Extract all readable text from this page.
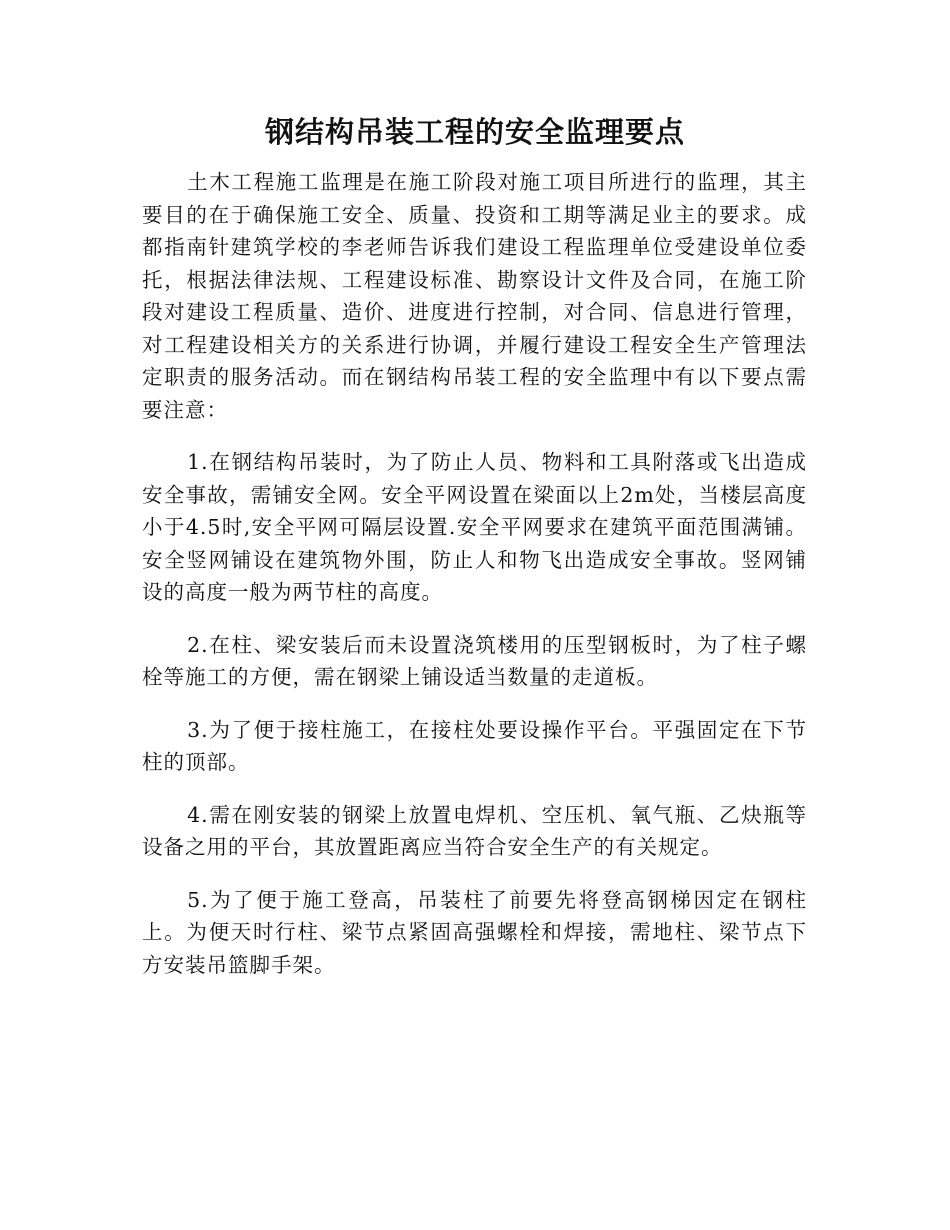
钢结构吊装工程的安全监理要点

土木工程施工监理是在施工阶段对施工项目所进行的监理，其主要目的在于确保施工安全、质量、投资和工期等满足业主的要求。成都指南针建筑学校的李老师告诉我们建设工程监理单位受建设单位委托，根据法律法规、工程建设标准、勘察设计文件及合同，在施工阶段对建设工程质量、造价、进度进行控制，对合同、信息进行管理，对工程建设相关方的关系进行协调，并履行建设工程安全生产管理法定职责的服务活动。而在钢结构吊装工程的安全监理中有以下要点需要注意：

1.在钢结构吊装时，为了防止人员、物料和工具附落或飞出造成安全事故，需铺安全网。安全平网设置在梁面以上2m处，当楼层高度小于4.5时,安全平网可隔层设置.安全平网要求在建筑平面范围满铺。安全竖网铺设在建筑物外围，防止人和物飞出造成安全事故。竖网铺设的高度一般为两节柱的高度。

2.在柱、梁安装后而未设置浇筑楼用的压型钢板时，为了柱子螺栓等施工的方便，需在钢梁上铺设适当数量的走道板。

3.为了便于接柱施工，在接柱处要设操作平台。平强固定在下节柱的顶部。

4.需在刚安装的钢梁上放置电焊机、空压机、氧气瓶、乙炔瓶等设备之用的平台，其放置距离应当符合安全生产的有关规定。

5.为了便于施工登高，吊装柱了前要先将登高钢梯因定在钢柱上。为便天时行柱、梁节点紧固高强螺栓和焊接，需地柱、梁节点下方安装吊篮脚手架。
